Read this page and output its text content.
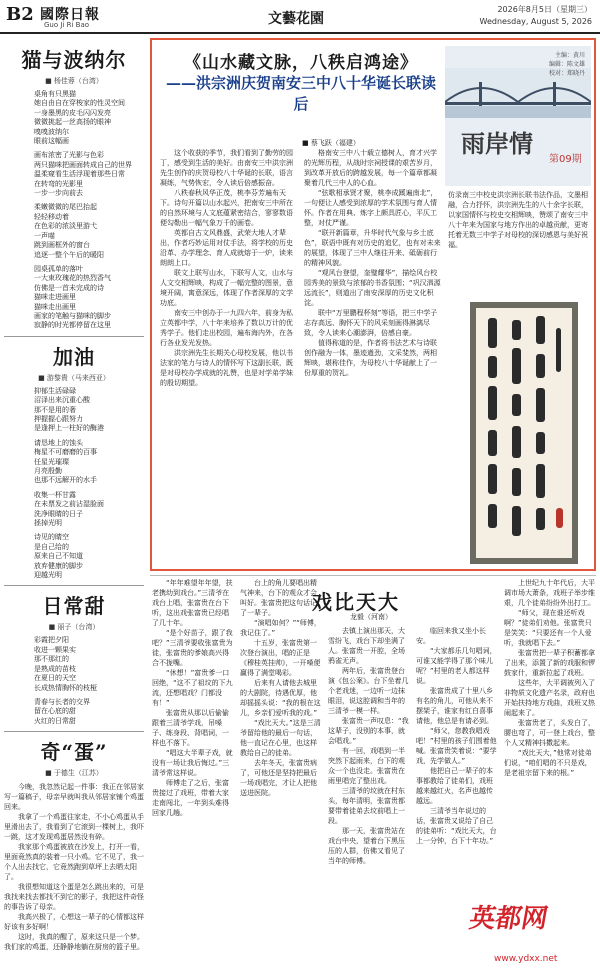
B2 國際日報
Guo Ji Ri Bao	文藝花園
2026年8月5日（星期三）
Wednesday, August 5, 2026
猫与波纳尔
■ 杨佳蓉（台湾）
桌角有只黑猫
她自由自在穿梭家的性灵空间
一身墨黑的皮毛闪闪发亮
微微挑起一丝高扬的眼神
嗅嗅波纳尔
眼前这幅画
画布浓密了光影与色彩
两只猫咪把画面转成自己的世界
温柔窥看生活浮现着那些日常
在转弯的光影里
一步一步向前去
柔嫩微微的尾巴抬起
轻轻移动着
在色彩的浓淡里游弋
一声喵
跳到画框外的窗台
追逐一整个午后的暖阳
园桌孤单的落叶
一大束玫瑰花的热烈香气
仿佛是一首未完成的诗
猫咪走进画里
猫咪走出画里
画家的笔触与猫咪的脚步
寂静的时光都停留在这里
加油
■ 游黎貴（马来西亚）
抑郁生活碌碌
沼泽出来沉重心酸
那不是用的奢
押握握心跟努力
是逢押上一柱好的酶港
请恳地上的蚀头
梅星不可磨磨的百事
任星光璀璨
月亮殷勤
也那不远解开的水手
收集一杯甘露
在未票发之前沾湿脸面
洗净眼睛的日子
拯掉光明
诗见的睛空
是自己给的
原来自己不知道
放弃健康的脚步
迎越光明
日常甜
■ 丽子（台湾）
彩霞把夕阳
收进一颗果实
那不那红的
是熟成的苗枝
在夏日的天空
长成热情胸怀的枝桠
青春与长者的交界
留在心底的甜
火红的日常甜
奇“蛋”
■ 于德生（江苏）

今晚，我忽然记起一件事：我正在邻居家写一篇稿子，母亲早就叫我从邻居家铺个鸡蛋回来。

我拿了一个鸡蛋往家走，不小心鸡蛋从手里滑出去了，我看到了它滚到一棵树上，我吓一跳，这才发现鸡蛋居然没有碎。

我家那个鸡蛋被放在沙发上，打开一看，里面竟然真的装着一只小鸡。它不见了，我一个人出去找它，它竟然跑到草坪上去晒太阳了。

我很想知道这个蛋是怎么跳出来的，可是我找来找去都找不到它的影子，我把这件奇怪的事告诉了母亲。

我高兴极了，心想这一辈子的心情都这样好该有多好啊！

这时，我真的醒了，原来这只是一个梦。我们家的鸡蛋，还静静地躺在厨房的篮子里。

《山水藏文脉，八秩启鸿途》
——洪宗洲庆贺南安三中八十华诞长联读后
■ 蔡飞跃（福建）
主编：黄川
编辑：陈文雄
校对：郑晓丹
雨岸情
第09期
仿录南三中校史洪宗洲长联书法作品，文墨相融，合力抒怀，洪宗洲先生的八十余字长联，以家国情怀与校史交相辉映，赞颂了南安三中八十年来为国家与地方作出的卓越贡献，更寄托着无数三中学子对母校的深切感恩与美好祝福。

这个收获的季节，我们看到了勤劳的园丁，感受到生活的美好。由南安三中洪宗洲先生创作的庆贺母校八十华诞的长联，语言凝练，气势恢宏，令人读后倍感振奋。

八秩春秋风华正茂，桃李芬芳遍布天下。诗句开篇以山水起兴，把南安三中所在的自然环境与人文底蕴紧密结合，寥寥数语便勾勒出一幅气象万千的画卷。

英都自古文风鼎盛，武荣大地人才辈出，作者巧妙运用对仗手法，将学校的历史沿革、办学理念、育人成就熔于一炉，读来朗朗上口。

联文上联写山水，下联写人文，山水与人文交相辉映，构成了一幅完整的图景，意境开阔，寓意深远，体现了作者深厚的文学功底。

南安三中创办于一九四六年，前身为私立英都中学，八十年来培养了数以万计的优秀学子。他们走出校园，遍布海内外，在各行各业发光发热。

洪宗洲先生长期关心母校发展，他以书法家的笔力与诗人的情怀写下这副长联，既是对母校办学成就的礼赞，也是对学弟学妹的殷切期望。

格南安三中八十载立德树人，育才兴学的光辉历程，从战时宗祠授课的艰苦岁月，到改革开放后的跨越发展，每一个篇章都凝聚着几代三中人的心血。

“弦歌相承贤才聚，桃李成蹊遍南北”，一句便让人感受到浓厚的学术氛围与育人情怀。作者在用典、炼字上颇具匠心，平仄工整，对仗严谨。

“联开新篇章，升华时代气象与乡土底色”，联语中既有对历史的追忆，也有对未来的展望，体现了三中人继往开来、砥砺前行的精神风貌。

“观风台登望，奎璧耀华”，描绘风台校园秀美的景致与浓郁的书香氛围；“巩汉泗源远流长”，则道出了南安深厚的历史文化积淀。

联中“万里鹏程杯刻”等语，把三中学子志存高远、胸怀天下的风采刻画得淋漓尽致，令人读来心潮澎湃，倍感自豪。

值得称道的是，作者将书法艺术与诗联创作融为一体，墨迹遒劲，文采斐然，两相辉映，堪称佳作，为母校八十华诞献上了一份厚重的贺礼。

戏比天大
龙毅（河南）

“年年难望年年望，扶老携幼到戏台。”三清爷在戏台上唱，张富贵在台下听，这出戏张富贵已经唱了几十年。

“是个好苗子，跟了我吧？”三清爷要收张富贵为徒，张富贵的爹娘高兴得合不拢嘴。

“休想！”富贵爹一口回绝，“这不了祖坟的下九流，还想唱戏？门都没有！”

张富贵从那以后偷偷跟着三清爷学戏，吊嗓子、练身段、背唱词，一样也不落下。

“唱这大半辈子戏，就没有一场让我后悔过。”三清爷常这样说。

师傅走了之后，张富贵接过了戏班，带着大家走南闯北，一年到头难得回家几趟。

台上的角儿要唱出精气神来，台下的观众才会叫好。张富贵把这句话记了一辈子。

“演唱如何？”“师傅，我记住了。”

十五岁，张富贵第一次登台演出，唱的正是《穆桂英挂帅》，一开嗓便赢得了满堂喝彩。

后来有人请他去城里的大剧院，待遇优厚，他却摇摇头说：“我的根在这儿，乡亲们爱听我的戏。”

“戏比天大。”这是三清爷留给他的最后一句话，他一直记在心里，也这样教给自己的徒弟。

去年冬天，张富贵病了，可他还是坚持把最后一场戏唱完，才让人把他送进医院。

去镇上演出那天，大雪纷飞，戏台下却坐满了人。张富贵一开腔，全场鸦雀无声。

两年后，张富贵登台演《包公案》。台下坐着几个老戏迷，一边听一边抹眼泪，说这腔调和当年的三清爷一模一样。

张富贵一声叹息：“我这辈子，没别的本事，就会唱戏。”

有一回，戏唱到一半突然下起雨来，台下的观众一个也没走。张富贵在雨里唱完了整出戏。

三清爷的坟就在村东头，每年清明，张富贵都要带着徒弟去坟前唱上一段。

那一天，张富贵站在戏台中央，望着台下黑压压的人群，仿佛又看见了当年的师傅。

临回来我又坐小长安。

“大家都乐几句唱词，可谁又能学得了那个味儿呢？”村里的老人都这样说。

张富贵成了十里八乡有名的角儿，可他从来不摆架子，谁家有红白喜事请他，他总是有请必到。

“师父，您教我唱戏吧！”村里的孩子们围着他喊。张富贵笑着说：“要学戏，先学做人。”

他把自己一辈子的本事都教给了徒弟们，戏班越来越红火，名声也越传越远。

三清爷当年说过的话，张富贵又说给了自己的徒弟听：“戏比天大，台上一分钟，台下十年功。”

上世纪九十年代后，大平调市场大萧条，戏班子举步维艰，几个徒弟纷纷外出打工。

“师父，现在谁还听戏啊？”徒弟们劝他。张富贵只是笑笑：“只要还有一个人爱听，我就唱下去。”

张富贵把一辈子积蓄都拿了出来，添置了新的戏服和锣鼓家什，重新拉起了戏班。

这些年，大平调被列入了非物质文化遗产名录，政府也开始扶持地方戏曲，戏班又热闹起来了。

张富贵老了，头发白了，腰也弯了，可一登上戏台，整个人又精神抖擞起来。

“戏比天大，”他常对徒弟们说，“咱们唱的不只是戏，是老祖宗留下来的根。”

英都网
www.ydxx.net
